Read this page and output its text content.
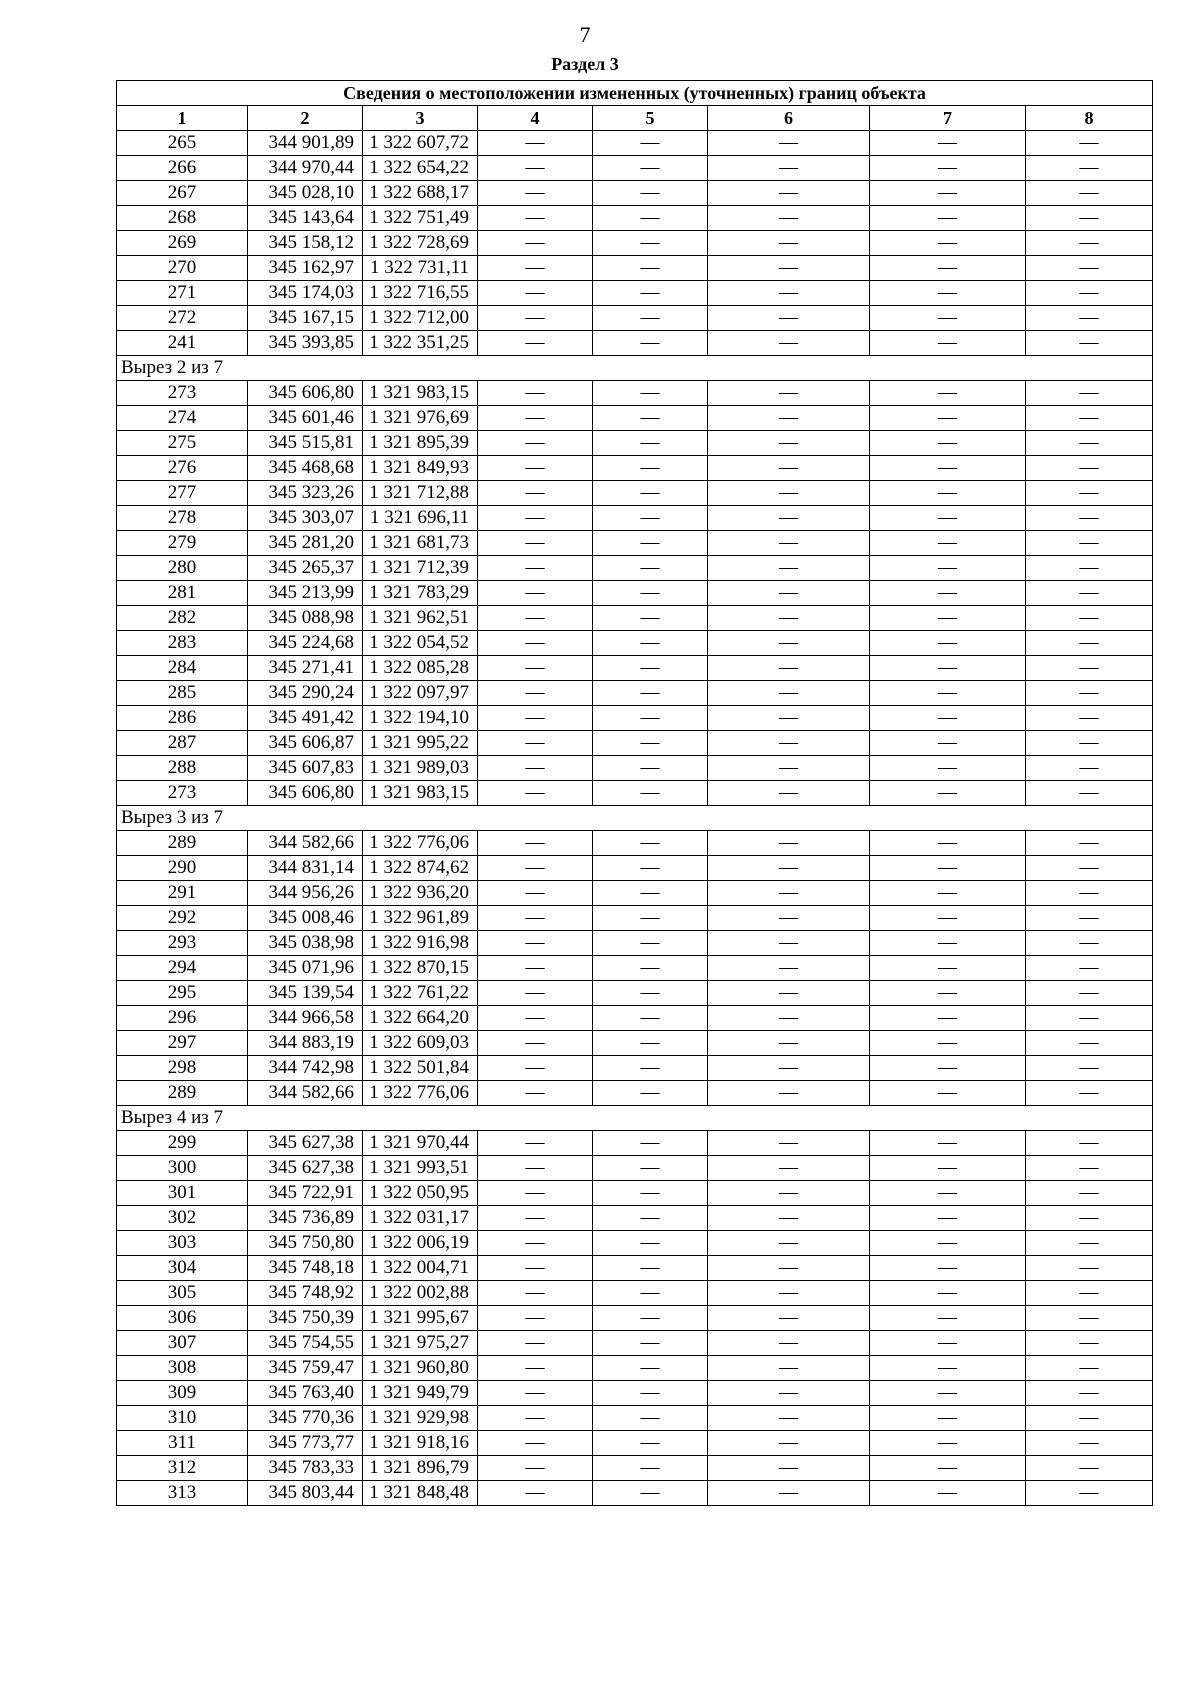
7
Раздел 3
Сведения о местоположении измененных (уточненных) границ объекта							
1	2	3	4	5	6	7	8
265	344 901,89	1 322 607,72	—	—	—	—	—
266	344 970,44	1 322 654,22	—	—	—	—	—
267	345 028,10	1 322 688,17	—	—	—	—	—
268	345 143,64	1 322 751,49	—	—	—	—	—
269	345 158,12	1 322 728,69	—	—	—	—	—
270	345 162,97	1 322 731,11	—	—	—	—	—
271	345 174,03	1 322 716,55	—	—	—	—	—
272	345 167,15	1 322 712,00	—	—	—	—	—
241	345 393,85	1 322 351,25	—	—	—	—	—
Вырез 2 из 7							
273	345 606,80	1 321 983,15	—	—	—	—	—
274	345 601,46	1 321 976,69	—	—	—	—	—
275	345 515,81	1 321 895,39	—	—	—	—	—
276	345 468,68	1 321 849,93	—	—	—	—	—
277	345 323,26	1 321 712,88	—	—	—	—	—
278	345 303,07	1 321 696,11	—	—	—	—	—
279	345 281,20	1 321 681,73	—	—	—	—	—
280	345 265,37	1 321 712,39	—	—	—	—	—
281	345 213,99	1 321 783,29	—	—	—	—	—
282	345 088,98	1 321 962,51	—	—	—	—	—
283	345 224,68	1 322 054,52	—	—	—	—	—
284	345 271,41	1 322 085,28	—	—	—	—	—
285	345 290,24	1 322 097,97	—	—	—	—	—
286	345 491,42	1 322 194,10	—	—	—	—	—
287	345 606,87	1 321 995,22	—	—	—	—	—
288	345 607,83	1 321 989,03	—	—	—	—	—
273	345 606,80	1 321 983,15	—	—	—	—	—
Вырез 3 из 7							
289	344 582,66	1 322 776,06	—	—	—	—	—
290	344 831,14	1 322 874,62	—	—	—	—	—
291	344 956,26	1 322 936,20	—	—	—	—	—
292	345 008,46	1 322 961,89	—	—	—	—	—
293	345 038,98	1 322 916,98	—	—	—	—	—
294	345 071,96	1 322 870,15	—	—	—	—	—
295	345 139,54	1 322 761,22	—	—	—	—	—
296	344 966,58	1 322 664,20	—	—	—	—	—
297	344 883,19	1 322 609,03	—	—	—	—	—
298	344 742,98	1 322 501,84	—	—	—	—	—
289	344 582,66	1 322 776,06	—	—	—	—	—
Вырез 4 из 7							
299	345 627,38	1 321 970,44	—	—	—	—	—
300	345 627,38	1 321 993,51	—	—	—	—	—
301	345 722,91	1 322 050,95	—	—	—	—	—
302	345 736,89	1 322 031,17	—	—	—	—	—
303	345 750,80	1 322 006,19	—	—	—	—	—
304	345 748,18	1 322 004,71	—	—	—	—	—
305	345 748,92	1 322 002,88	—	—	—	—	—
306	345 750,39	1 321 995,67	—	—	—	—	—
307	345 754,55	1 321 975,27	—	—	—	—	—
308	345 759,47	1 321 960,80	—	—	—	—	—
309	345 763,40	1 321 949,79	—	—	—	—	—
310	345 770,36	1 321 929,98	—	—	—	—	—
311	345 773,77	1 321 918,16	—	—	—	—	—
312	345 783,33	1 321 896,79	—	—	—	—	—
313	345 803,44	1 321 848,48	—	—	—	—	—
